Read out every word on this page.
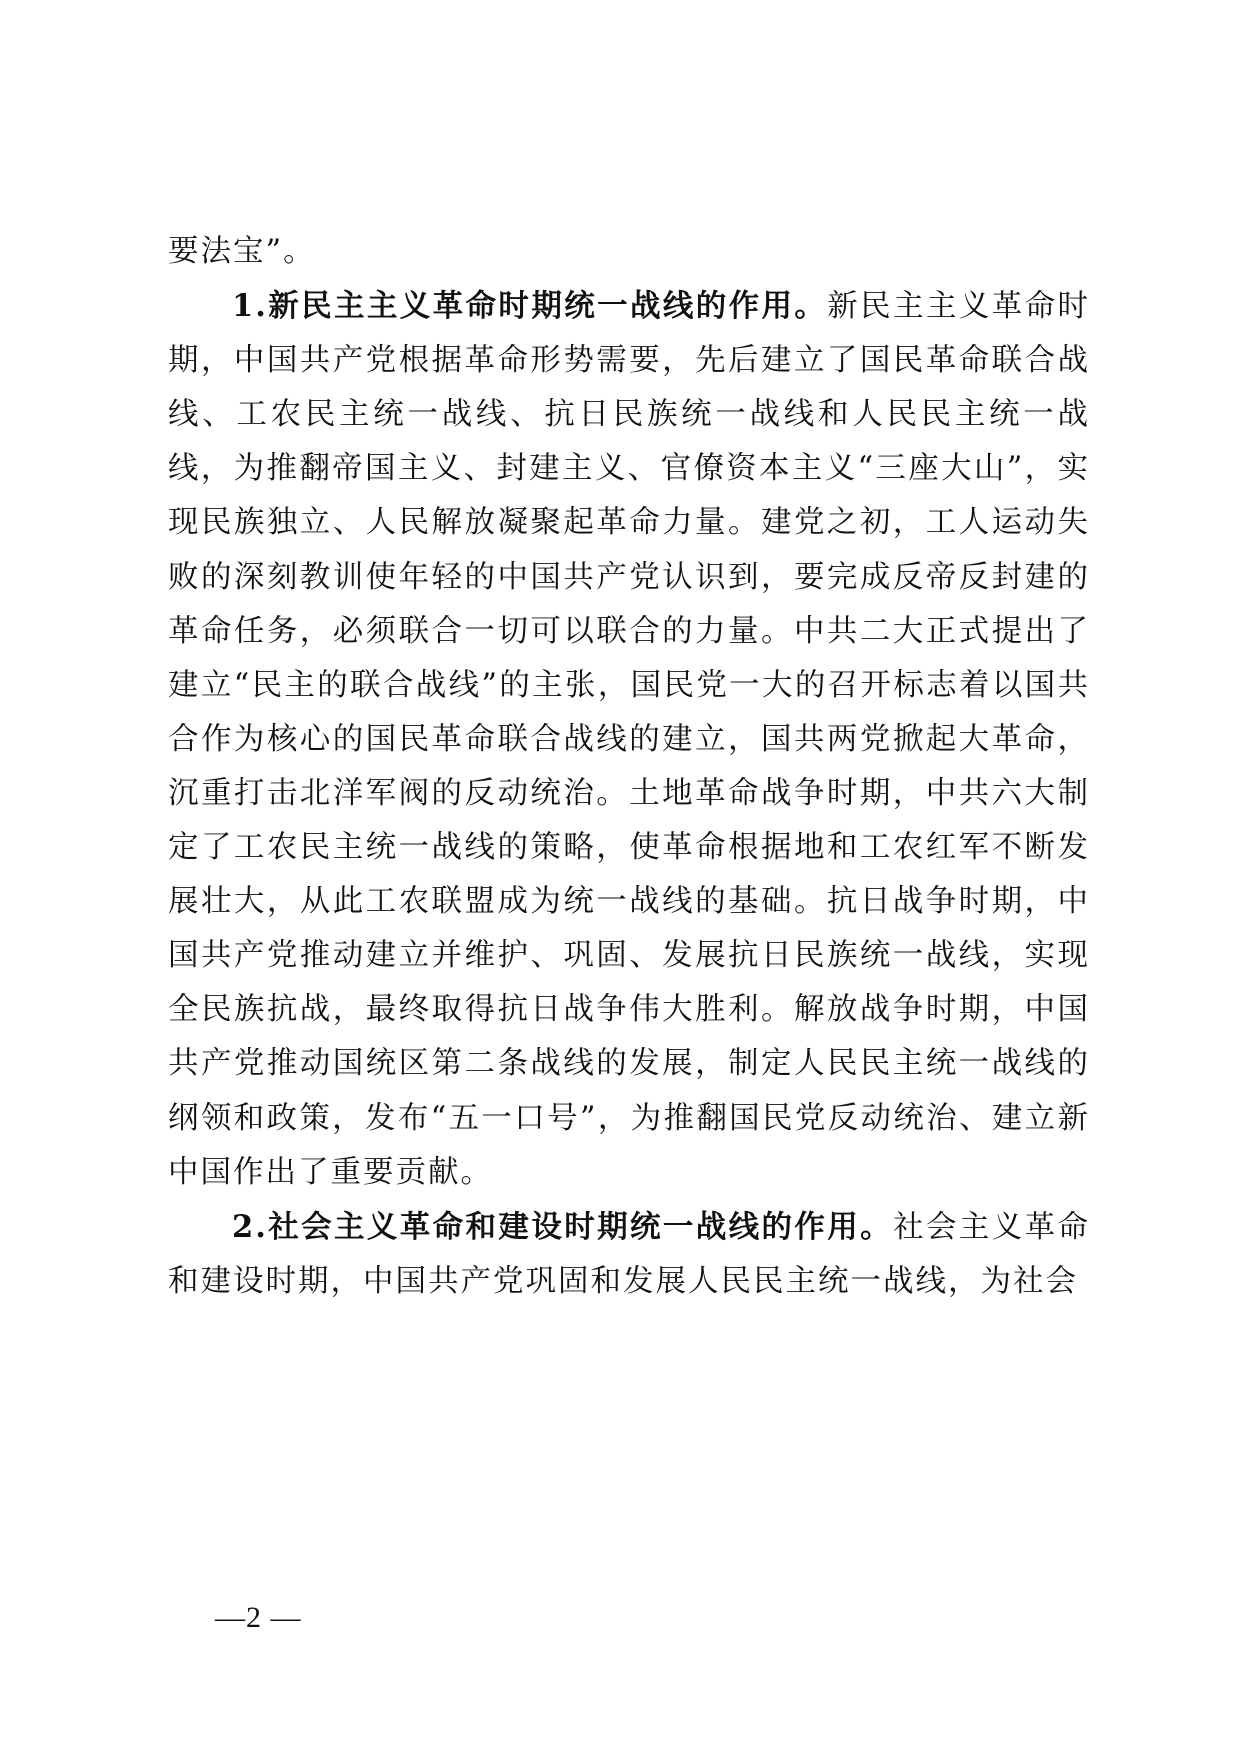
要法宝”。

1.新民主主义革命时期统一战线的作用。新民主主义革命时期，中国共产党根据革命形势需要，先后建立了国民革命联合战线、工农民主统一战线、抗日民族统一战线和人民民主统一战线，为推翻帝国主义、封建主义、官僚资本主义“三座大山”，实现民族独立、人民解放凝聚起革命力量。建党之初，工人运动失败的深刻教训使年轻的中国共产党认识到，要完成反帝反封建的革命任务，必须联合一切可以联合的力量。中共二大正式提出了建立“民主的联合战线”的主张，国民党一大的召开标志着以国共合作为核心的国民革命联合战线的建立，国共两党掀起大革命，沉重打击北洋军阀的反动统治。土地革命战争时期，中共六大制定了工农民主统一战线的策略，使革命根据地和工农红军不断发展壮大，从此工农联盟成为统一战线的基础。抗日战争时期，中国共产党推动建立并维护、巩固、发展抗日民族统一战线，实现全民族抗战，最终取得抗日战争伟大胜利。解放战争时期，中国共产党推动国统区第二条战线的发展，制定人民民主统一战线的纲领和政策，发布“五一口号”，为推翻国民党反动统治、建立新中国作出了重要贡献。

2.社会主义革命和建设时期统一战线的作用。社会主义革命和建设时期，中国共产党巩固和发展人民民主统一战线，为社会

—2 —
